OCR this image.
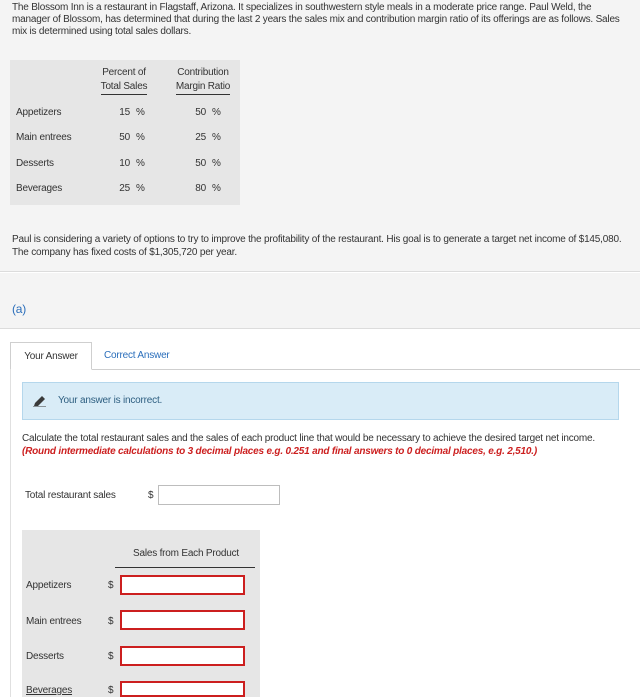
The Blossom Inn is a restaurant in Flagstaff, Arizona. It specializes in southwestern style meals in a moderate price range. Paul Weld, the manager of Blossom, has determined that during the last 2 years the sales mix and contribution margin ratio of its offerings are as follows. Sales mix is determined using total sales dollars.
Percent of
Total Sales
Contribution
Margin Ratio
Appetizers	15 %	50 %
Main entrees	50 %	25 %
Desserts	10 %	50 %
Beverages	25 %	80 %
Paul is considering a variety of options to try to improve the profitability of the restaurant. His goal is to generate a target net income of $145,080. The company has fixed costs of $1,305,720 per year.
(a)
Your Answer	Correct Answer
Your answer is incorrect.
Calculate the total restaurant sales and the sales of each product line that would be necessary to achieve the desired target net income. (Round intermediate calculations to 3 decimal places e.g. 0.251 and final answers to 0 decimal places, e.g. 2,510.)
Total restaurant sales	$
Sales from Each Product
Appetizers	$
Main entrees	$
Desserts	$
Beverages	$
